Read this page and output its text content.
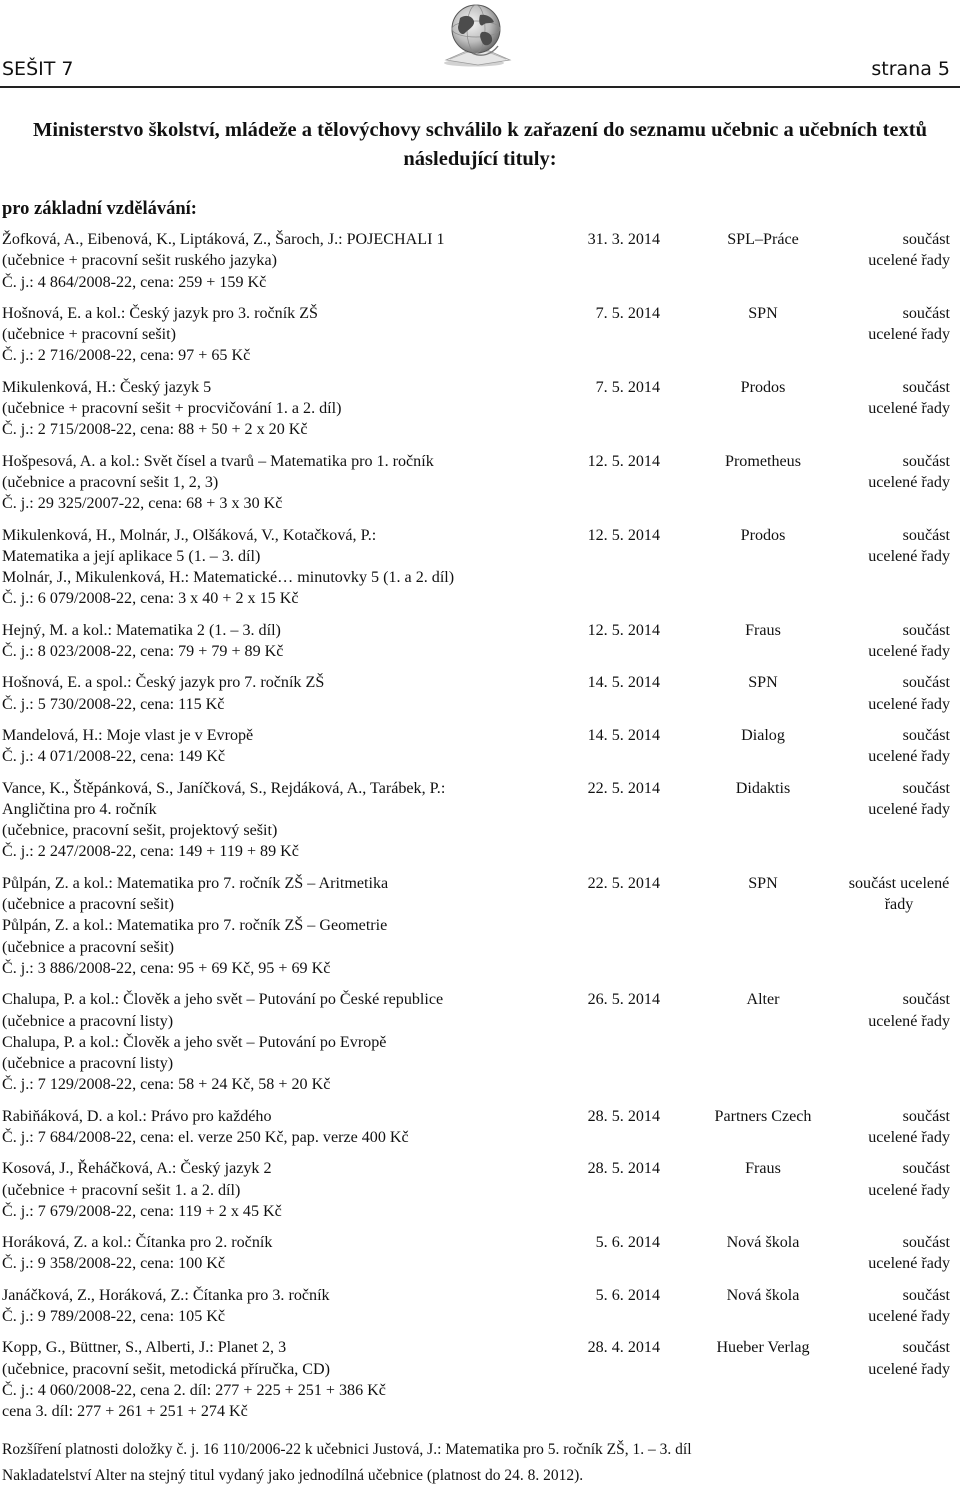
SEŠIT 7	strana 5
Ministerstvo školství, mládeže a tělovýchovy schválilo k zařazení do seznamu učebnic a učebních textů následující tituly:
pro základní vzdělávání:
Žofková, A., Eibenová, K., Liptáková, Z., Šaroch, J.: POJECHALI 1
(učebnice + pracovní sešit ruského jazyka)
Č. j.: 4 864/2008-22, cena: 259 + 159 Kč
31. 3. 2014	SPL–Práce	součást
ucelené řady
Hošnová, E. a kol.: Český jazyk pro 3. ročník ZŠ
(učebnice + pracovní sešit)
Č. j.: 2 716/2008-22, cena: 97 + 65 Kč
7. 5. 2014	SPN	součást
ucelené řady
Mikulenková, H.: Český jazyk 5
(učebnice + pracovní sešit + procvičování 1. a 2. díl)
Č. j.: 2 715/2008-22, cena: 88 + 50 + 2 x 20 Kč
7. 5. 2014	Prodos	součást
ucelené řady
Hošpesová, A. a kol.: Svět čísel a tvarů – Matematika pro 1. ročník
(učebnice a pracovní sešit 1, 2, 3)
Č. j.: 29 325/2007-22, cena: 68 + 3 x 30 Kč
12. 5. 2014	Prometheus	součást
ucelené řady
Mikulenková, H., Molnár, J., Olšáková, V., Kotačková, P.:
Matematika a její aplikace 5 (1. – 3. díl)
Molnár, J., Mikulenková, H.: Matematické… minutovky 5 (1. a 2. díl)
Č. j.: 6 079/2008-22, cena: 3 x 40 + 2 x 15 Kč
12. 5. 2014	Prodos	součást
ucelené řady
Hejný, M. a kol.: Matematika 2 (1. – 3. díl)
Č. j.: 8 023/2008-22, cena: 79 + 79 + 89 Kč
12. 5. 2014	Fraus	součást
ucelené řady
Hošnová, E. a spol.: Český jazyk pro 7. ročník ZŠ
Č. j.: 5 730/2008-22, cena: 115 Kč
14. 5. 2014	SPN	součást
ucelené řady
Mandelová, H.: Moje vlast je v Evropě
Č. j.: 4 071/2008-22, cena: 149 Kč
14. 5. 2014	Dialog	součást
ucelené řady
Vance, K., Štěpánková, S., Janíčková, S., Rejdáková, A., Tarábek, P.:
Angličtina pro 4. ročník
(učebnice, pracovní sešit, projektový sešit)
Č. j.: 2 247/2008-22, cena: 149 + 119 + 89 Kč
22. 5. 2014	Didaktis	součást
ucelené řady
Půlpán, Z. a kol.: Matematika pro 7. ročník ZŠ – Aritmetika
(učebnice a pracovní sešit)
Půlpán, Z. a kol.: Matematika pro 7. ročník ZŠ – Geometrie
(učebnice a pracovní sešit)
Č. j.: 3 886/2008-22, cena: 95 + 69 Kč, 95 + 69 Kč
22. 5. 2014	SPN	součást ucelené
řady
Chalupa, P. a kol.: Člověk a jeho svět – Putování po České republice
(učebnice a pracovní listy)
Chalupa, P. a kol.: Člověk a jeho svět – Putování po Evropě
(učebnice a pracovní listy)
Č. j.: 7 129/2008-22, cena: 58 + 24 Kč, 58 + 20 Kč
26. 5. 2014	Alter	součást
ucelené řady
Rabiňáková, D. a kol.: Právo pro každého
Č. j.: 7 684/2008-22, cena: el. verze 250 Kč, pap. verze 400 Kč
28. 5. 2014	Partners Czech	součást
ucelené řady
Kosová, J., Řeháčková, A.: Český jazyk 2
(učebnice + pracovní sešit 1. a 2. díl)
Č. j.: 7 679/2008-22, cena: 119 + 2 x 45 Kč
28. 5. 2014	Fraus	součást
ucelené řady
Horáková, Z. a kol.: Čítanka pro 2. ročník
Č. j.: 9 358/2008-22, cena: 100 Kč
5. 6. 2014	Nová škola	součást
ucelené řady
Janáčková, Z., Horáková, Z.: Čítanka pro 3. ročník
Č. j.: 9 789/2008-22, cena: 105 Kč
5. 6. 2014	Nová škola	součást
ucelené řady
Kopp, G., Büttner, S., Alberti, J.: Planet 2, 3
(učebnice, pracovní sešit, metodická příručka, CD)
Č. j.: 4 060/2008-22, cena 2. díl: 277 + 225 + 251 + 386 Kč
cena 3. díl: 277 + 261 + 251 + 274 Kč
28. 4. 2014	Hueber Verlag	součást
ucelené řady
Rozšíření platnosti doložky č. j. 16 110/2006-22 k učebnici Justová, J.: Matematika pro 5. ročník ZŠ, 1. – 3. díl
Nakladatelství Alter na stejný titul vydaný jako jednodílná učebnice (platnost do 24. 8. 2012).
